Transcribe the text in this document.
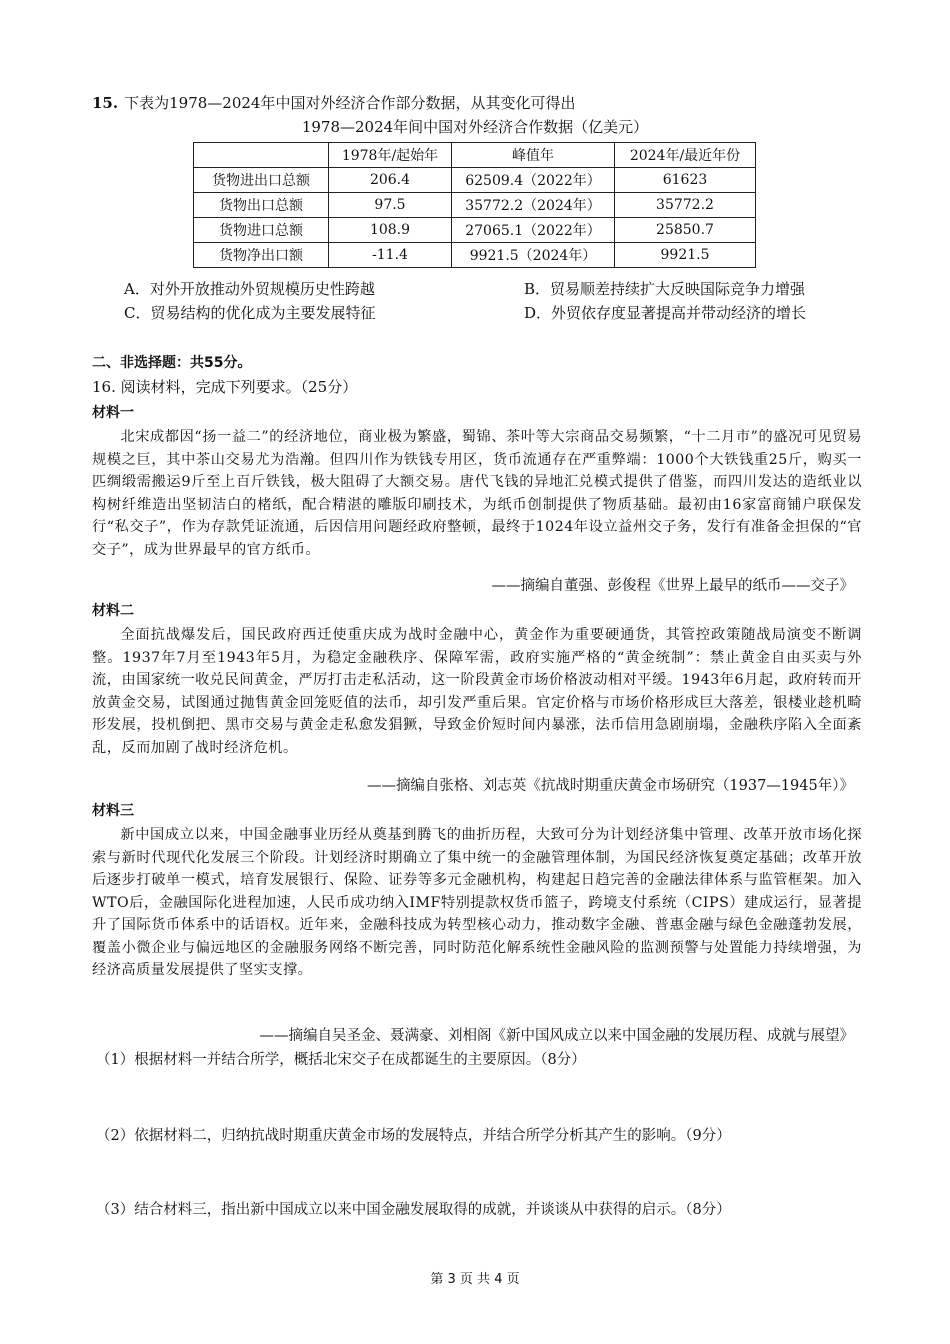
15. 下表为1978—2024年中国对外经济合作部分数据，从其变化可得出
1978—2024年间中国对外经济合作数据（亿美元）
	1978年/起始年	峰值年	2024年/最近年份
货物进出口总额	206.4	62509.4（2022年）	61623
货物出口总额	97.5	35772.2（2024年）	35772.2
货物进口总额	108.9	27065.1（2022年）	25850.7
货物净出口额	-11.4	9921.5（2024年）	9921.5
A．对外开放推动外贸规模历史性跨越	B．贸易顺差持续扩大反映国际竞争力增强
C．贸易结构的优化成为主要发展特征	D．外贸依存度显著提高并带动经济的增长
二、非选择题：共55分。
16. 阅读材料，完成下列要求。（25分）
材料一
北宋成都因“扬一益二”的经济地位，商业极为繁盛，蜀锦、茶叶等大宗商品交易频繁，“十二月市”的盛况可见贸易规模之巨，其中茶山交易尤为浩瀚。但四川作为铁钱专用区，货币流通存在严重弊端：1000个大铁钱重25斤，购买一匹绸缎需搬运9斤至上百斤铁钱，极大阻碍了大额交易。唐代飞钱的异地汇兑模式提供了借鉴，而四川发达的造纸业以构树纤维造出坚韧洁白的楮纸，配合精湛的雕版印刷技术，为纸币创制提供了物质基础。最初由16家富商铺户联保发行“私交子”，作为存款凭证流通，后因信用问题经政府整顿，最终于1024年设立益州交子务，发行有准备金担保的“官交子”，成为世界最早的官方纸币。
——摘编自董强、彭俊程《世界上最早的纸币——交子》
材料二
全面抗战爆发后，国民政府西迁使重庆成为战时金融中心，黄金作为重要硬通货，其管控政策随战局演变不断调整。1937年7月至1943年5月，为稳定金融秩序、保障军需，政府实施严格的“黄金统制”：禁止黄金自由买卖与外流，由国家统一收兑民间黄金，严厉打击走私活动，这一阶段黄金市场价格波动相对平缓。1943年6月起，政府转而开放黄金交易，试图通过抛售黄金回笼贬值的法币，却引发严重后果。官定价格与市场价格形成巨大落差，银楼业趁机畸形发展，投机倒把、黑市交易与黄金走私愈发猖獗，导致金价短时间内暴涨，法币信用急剧崩塌，金融秩序陷入全面紊乱，反而加剧了战时经济危机。
——摘编自张格、刘志英《抗战时期重庆黄金市场研究（1937—1945年）》
材料三
新中国成立以来，中国金融事业历经从奠基到腾飞的曲折历程，大致可分为计划经济集中管理、改革开放市场化探索与新时代现代化发展三个阶段。计划经济时期确立了集中统一的金融管理体制，为国民经济恢复奠定基础；改革开放后逐步打破单一模式，培育发展银行、保险、证券等多元金融机构，构建起日趋完善的金融法律体系与监管框架。加入WTO后，金融国际化进程加速，人民币成功纳入IMF特别提款权货币篮子，跨境支付系统（CIPS）建成运行，显著提升了国际货币体系中的话语权。近年来，金融科技成为转型核心动力，推动数字金融、普惠金融与绿色金融蓬勃发展，覆盖小微企业与偏远地区的金融服务网络不断完善，同时防范化解系统性金融风险的监测预警与处置能力持续增强，为经济高质量发展提供了坚实支撑。
——摘编自吴圣金、聂满豪、刘相阁《新中国风成立以来中国金融的发展历程、成就与展望》
（1）根据材料一并结合所学，概括北宋交子在成都诞生的主要原因。（8分）
（2）依据材料二，归纳抗战时期重庆黄金市场的发展特点，并结合所学分析其产生的影响。（9分）
（3）结合材料三，指出新中国成立以来中国金融发展取得的成就，并谈谈从中获得的启示。（8分）
第 3 页 共 4 页
